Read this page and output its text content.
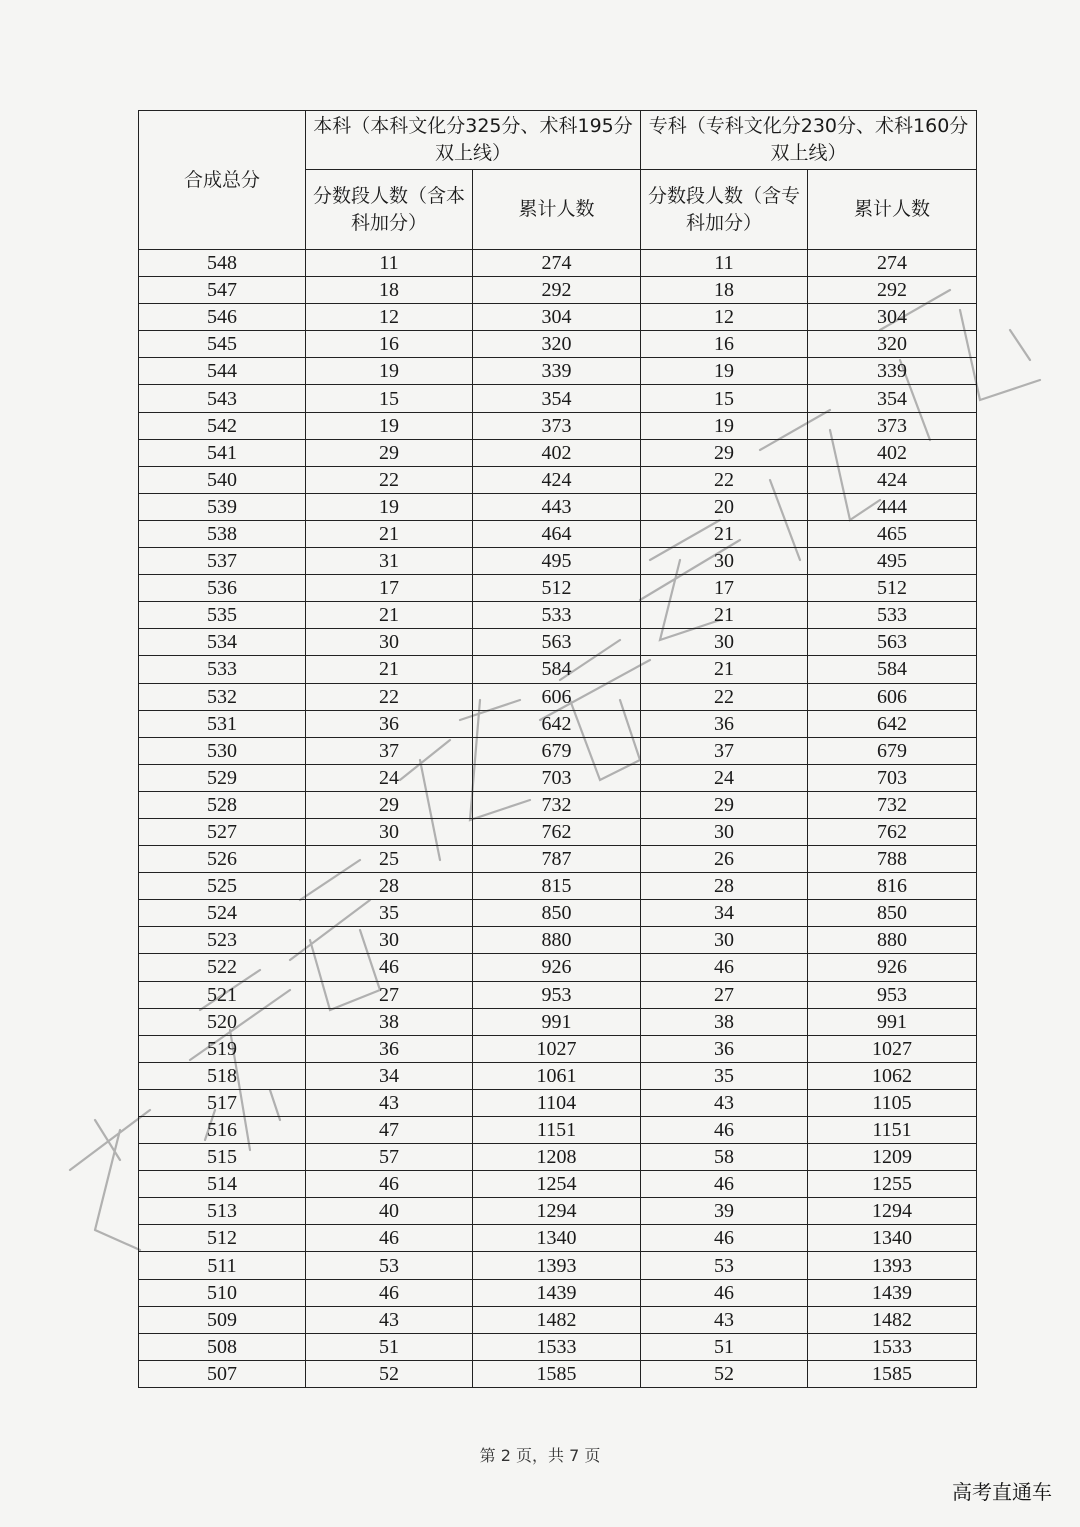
合成总分	本科（本科文化分325分、术科195分双上线）		专科（专科文化分230分、术科160分双上线）	
	分数段人数（含本科加分）	累计人数	分数段人数（含专科加分）	累计人数
548	11	274	11	274
547	18	292	18	292
546	12	304	12	304
545	16	320	16	320
544	19	339	19	339
543	15	354	15	354
542	19	373	19	373
541	29	402	29	402
540	22	424	22	424
539	19	443	20	444
538	21	464	21	465
537	31	495	30	495
536	17	512	17	512
535	21	533	21	533
534	30	563	30	563
533	21	584	21	584
532	22	606	22	606
531	36	642	36	642
530	37	679	37	679
529	24	703	24	703
528	29	732	29	732
527	30	762	30	762
526	25	787	26	788
525	28	815	28	816
524	35	850	34	850
523	30	880	30	880
522	46	926	46	926
521	27	953	27	953
520	38	991	38	991
519	36	1027	36	1027
518	34	1061	35	1062
517	43	1104	43	1105
516	47	1151	46	1151
515	57	1208	58	1209
514	46	1254	46	1255
513	40	1294	39	1294
512	46	1340	46	1340
511	53	1393	53	1393
510	46	1439	46	1439
509	43	1482	43	1482
508	51	1533	51	1533
507	52	1585	52	1585
第 2 页，共 7 页
高考直通车
